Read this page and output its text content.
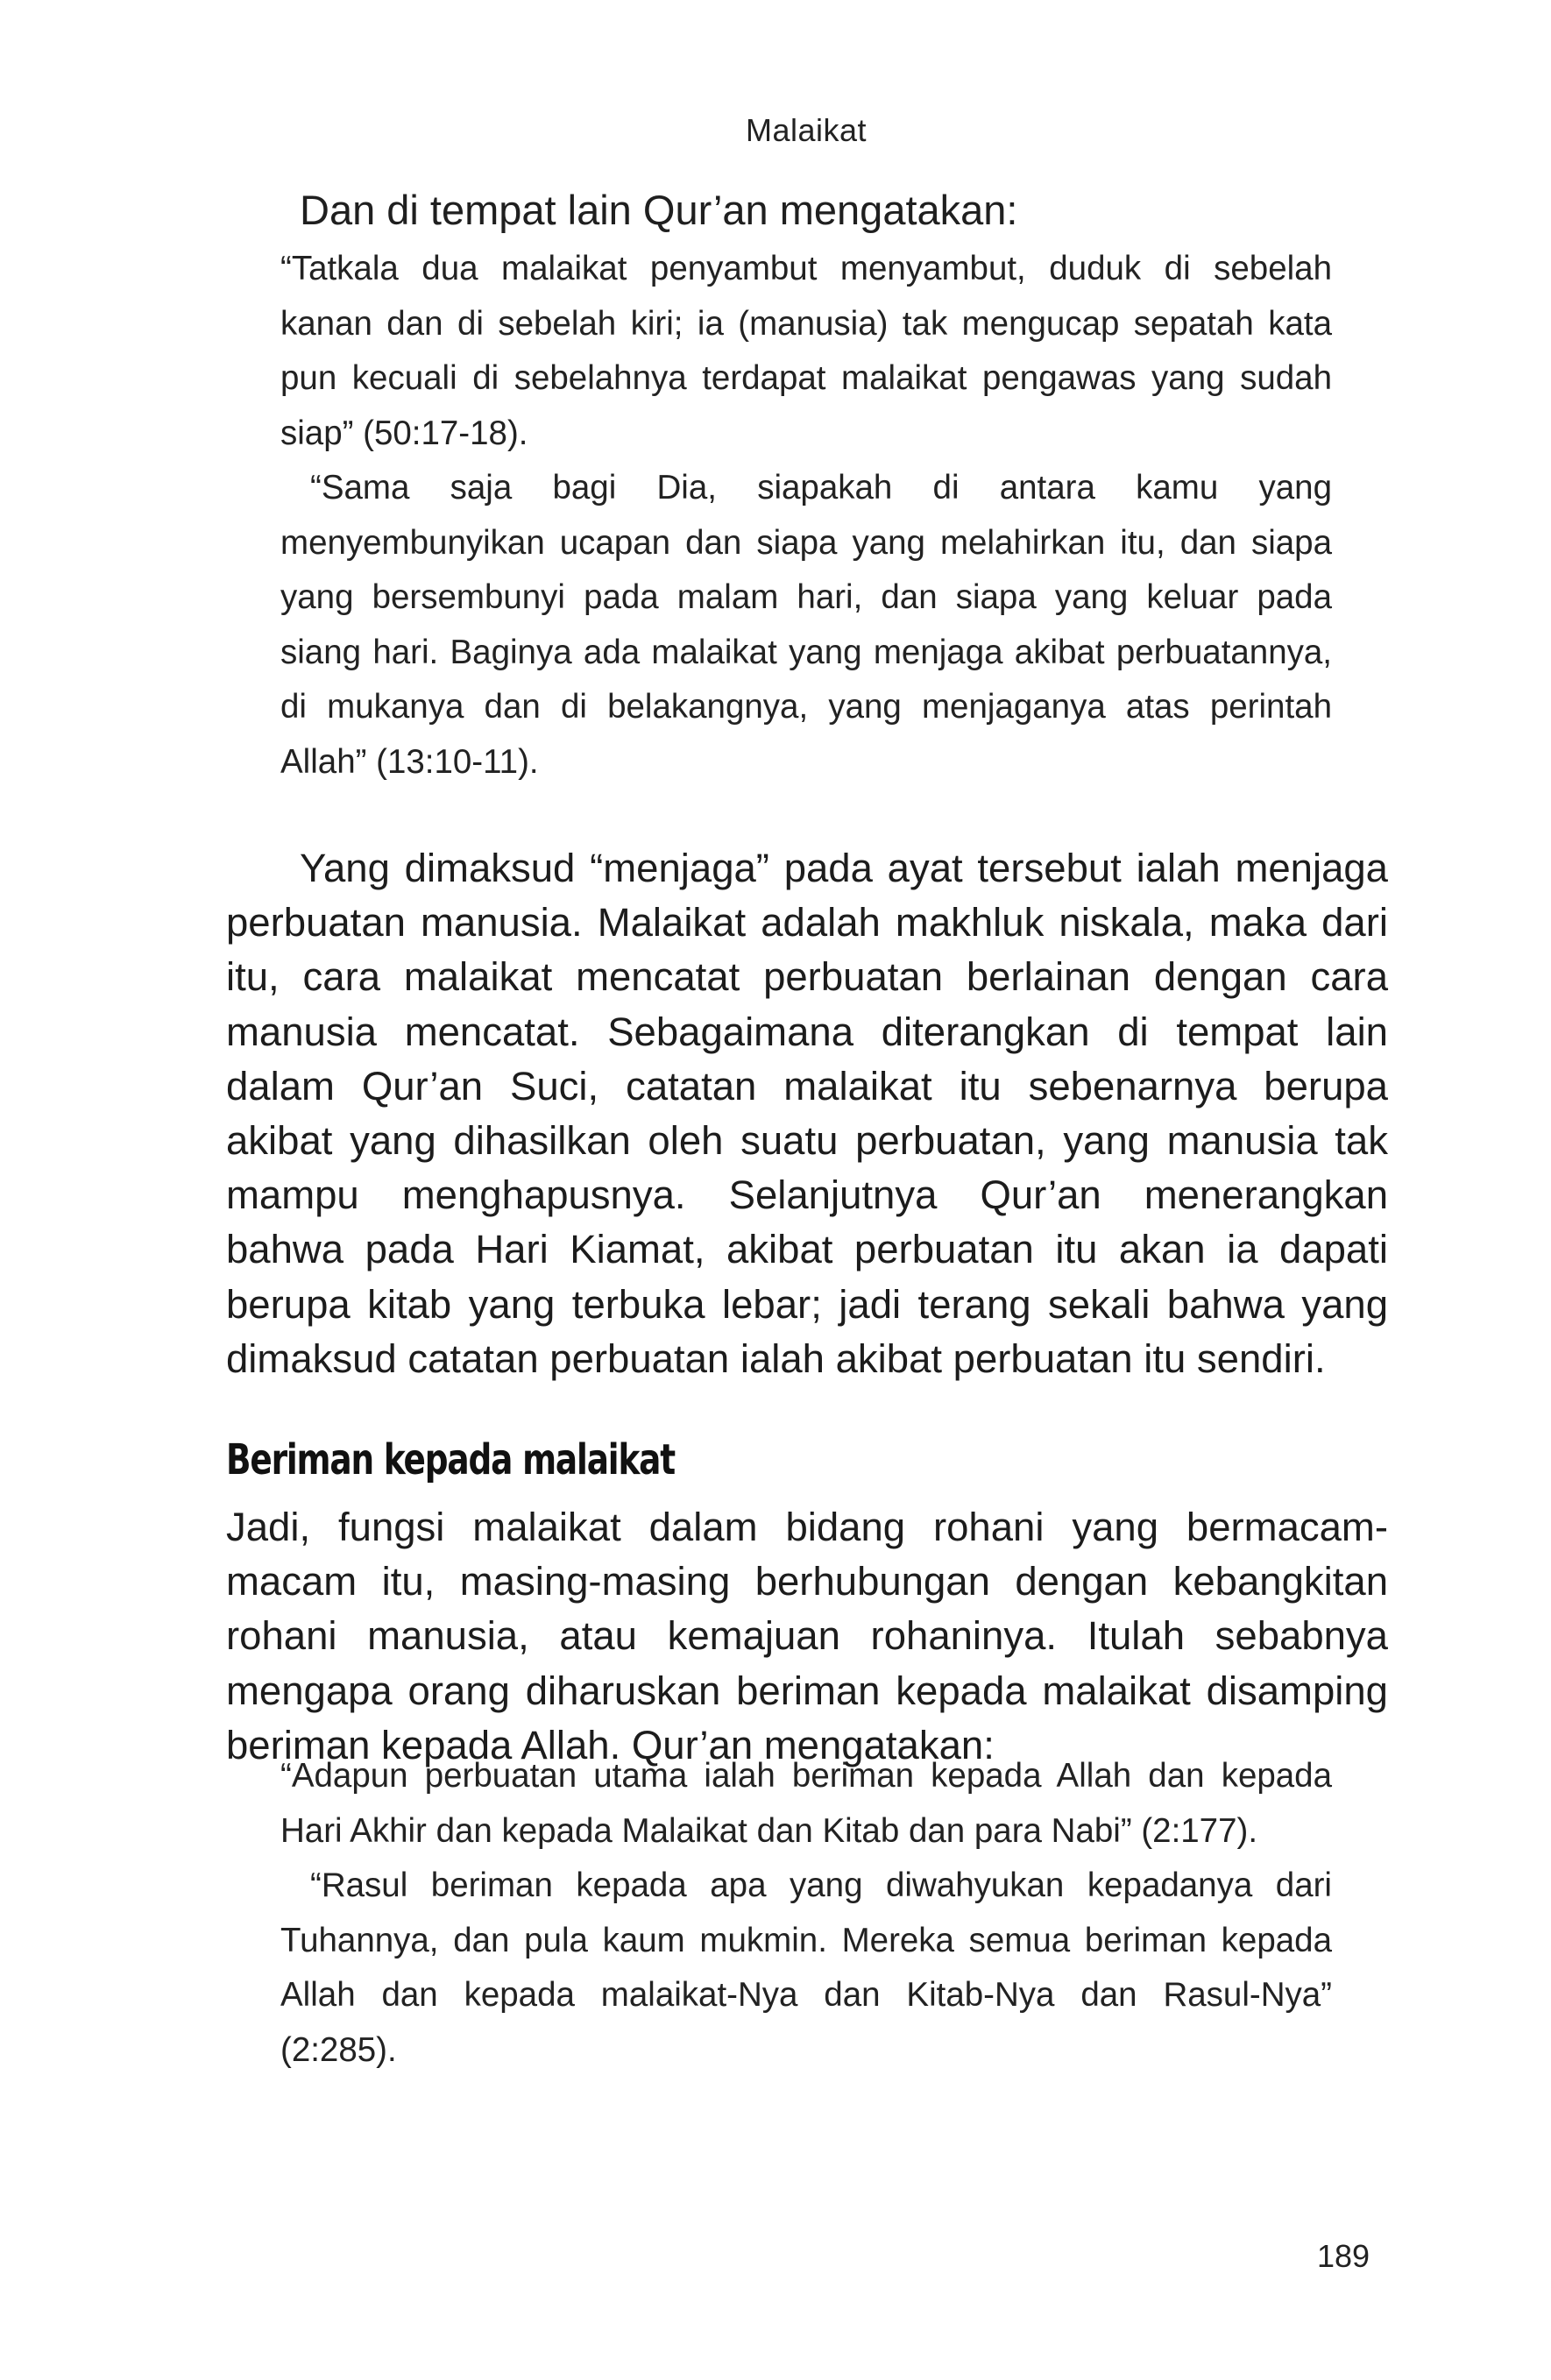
Malaikat
Dan di tempat lain Qur’an mengatakan:

“Tatkala dua malaikat penyambut menyambut, duduk di sebelah kanan dan di sebelah kiri; ia (manusia) tak mengucap sepatah kata pun kecuali di sebelahnya terdapat malaikat pengawas yang sudah siap” (50:17-18).

“Sama saja bagi Dia, siapakah di antara kamu yang menyembunyikan ucapan dan siapa yang melahirkan itu, dan siapa yang bersembunyi pada malam hari, dan siapa yang keluar pada siang hari. Baginya ada malaikat yang menjaga akibat perbuatannya, di mukanya dan di belakangnya, yang menjaganya atas perintah Allah” (13:10-11).

Yang dimaksud “menjaga” pada ayat tersebut ialah menjaga perbuatan manusia. Malaikat adalah makhluk niskala, maka dari itu, cara malaikat mencatat perbuatan berlainan dengan cara manusia mencatat. Sebagaimana diterangkan di tempat lain dalam Qur’an Suci, catatan malaikat itu sebenarnya berupa akibat yang dihasilkan oleh suatu perbuatan, yang manusia tak mampu menghapusnya. Selanjutnya Qur’an menerangkan bahwa pada Hari Kiamat, akibat perbuatan itu akan ia dapati berupa kitab yang terbuka lebar; jadi terang sekali bahwa yang dimaksud catatan perbuatan ialah akibat perbuatan itu sendiri.

Beriman kepada malaikat

Jadi, fungsi malaikat dalam bidang rohani yang bermacam-macam itu, masing-masing berhubungan dengan kebangkitan rohani manusia, atau kemajuan rohaninya. Itulah sebabnya mengapa orang diharuskan beriman kepada malaikat disamping beriman kepada Allah. Qur’an mengatakan:

“Adapun perbuatan utama ialah beriman kepada Allah dan kepada Hari Akhir dan kepada Malaikat dan Kitab dan para Nabi” (2:177).

“Rasul beriman kepada apa yang diwahyukan kepadanya dari Tuhannya, dan pula kaum mukmin. Mereka semua beriman kepada Allah dan kepada malaikat-Nya dan Kitab-Nya dan Rasul-Nya” (2:285).

189
